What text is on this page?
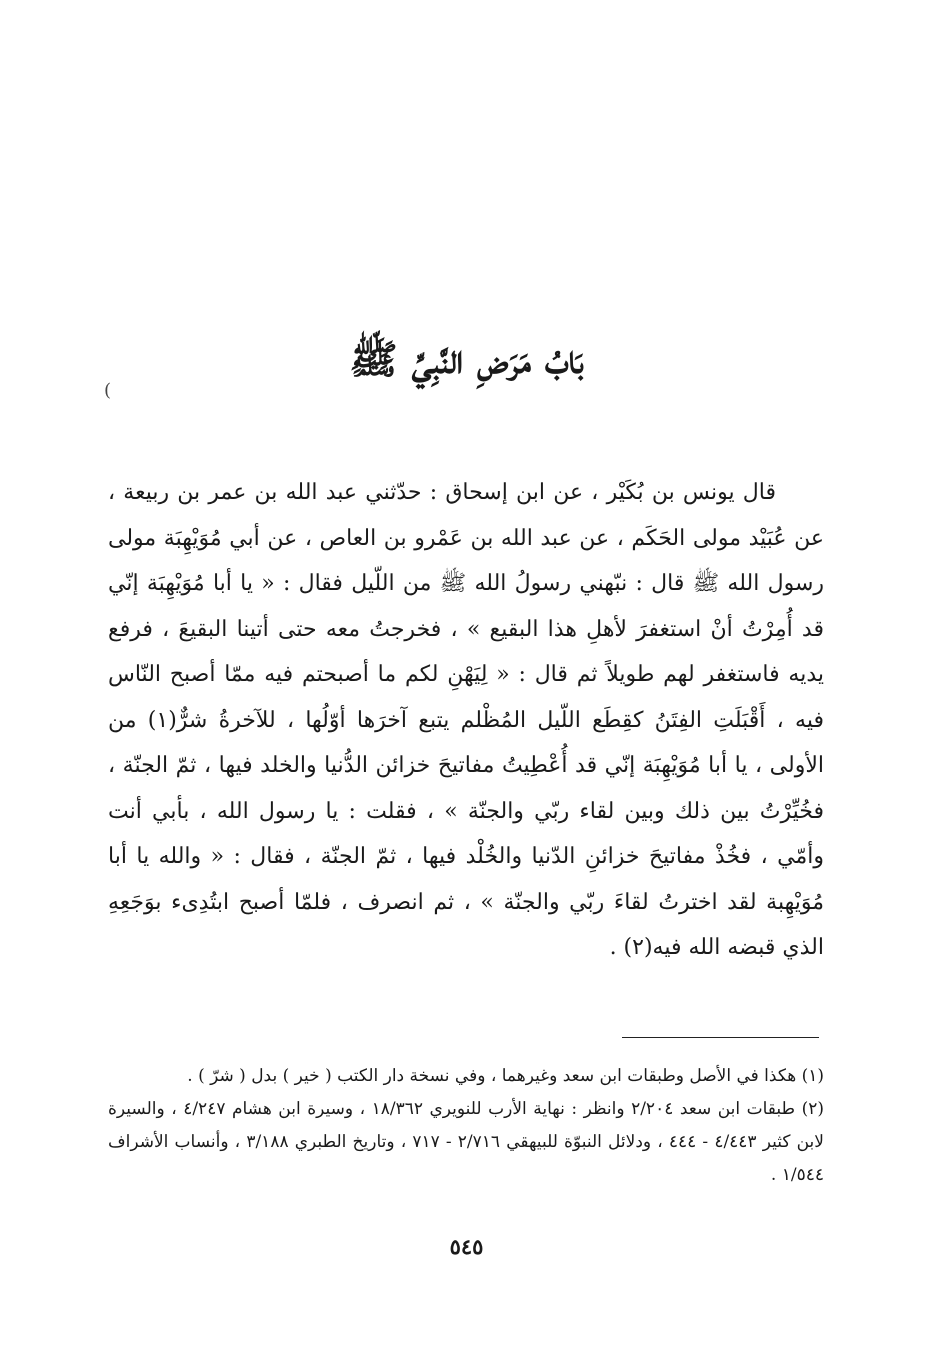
بَابُ مَرَضِ النَّبِيِّ ﷺ
(

قال يونس بن بُكَيْر ، عن ابن إسحاق : حدّثني عبد الله بن عمر بن ربيعة ، عن عُبَيْد مولى الحَكَم ، عن عبد الله بن عَمْرو بن العاص ، عن أبي مُوَيْهِبَة مولى رسول الله ﷺ قال : نبّهني رسولُ الله ﷺ من اللّيل فقال : « يا أبا مُوَيْهِبَة إنّي قد أُمِرْتُ أنْ استغفرَ لأهلِ هذا البقيع » ، فخرجتُ معه حتى أتينا البقيعَ ، فرفع يديه فاستغفر لهم طويلاً ثم قال : « لِيَهْنِ لكم ما أصبحتم فيه ممّا أصبح النّاس فيه ، أَقْبَلَتِ الفِتَنُ كقِطَع اللّيل المُظْلم يتبع آخرَها أوّلُها ، للآخرةُ شرٌّ(١) من الأولى ، يا أبا مُوَيْهِبَة إنّي قد أُعْطِيتُ مفاتيحَ خزائن الدُّنيا والخلد فيها ، ثمّ الجنّة ، فخُيِّرْتُ بين ذلك وبين لقاء ربّي والجنّة » ، فقلت : يا رسول الله ، بأبي أنت وأمّي ، فخُذْ مفاتيحَ خزائنِ الدّنيا والخُلْد فيها ، ثمّ الجنّة ، فقال : « والله يا أبا مُوَيْهِبة لقد اخترتُ لقاءَ ربّي والجنّة » ، ثم انصرف ، فلمّا أصبح ابتُدِىء بوَجَعِهِ الذي قبضه الله فيه(٢) .

(١) هكذا في الأصل وطبقات ابن سعد وغيرهما ، وفي نسخة دار الكتب ( خير ) بدل ( شرّ ) .

(٢) طبقات ابن سعد ٢/٢٠٤ وانظر : نهاية الأرب للنويري ١٨/٣٦٢ ، وسيرة ابن هشام ٤/٢٤٧ ، والسيرة لابن كثير ٤/٤٤٣ - ٤٤٤ ، ودلائل النبوّة للبيهقي ٢/٧١٦ - ٧١٧ ، وتاريخ الطبري ٣/١٨٨ ، وأنساب الأشراف ١/٥٤٤ .

٥٤٥
